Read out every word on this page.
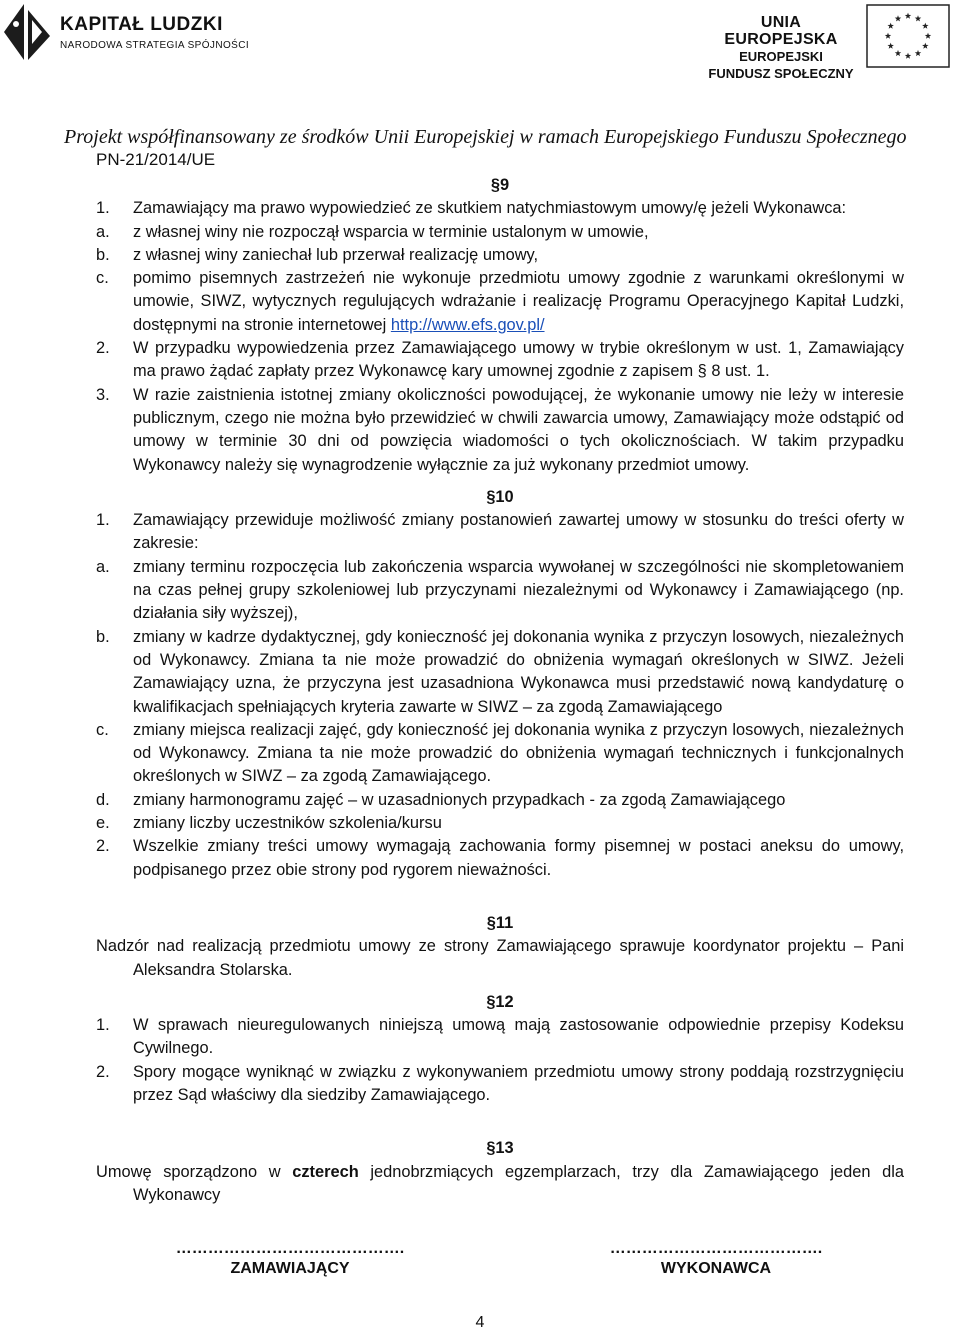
KAPITAŁ LUDZKI
NARODOWA STRATEGIA SPÓJNOŚCI
UNIA EUROPEJSKA
EUROPEJSKI
FUNDUSZ SPOŁECZNY
Projekt współfinansowany ze środków Unii Europejskiej w ramach Europejskiego Funduszu Społecznego
PN-21/2014/UE

§9

1.	Zamawiający ma prawo wypowiedzieć ze skutkiem natychmiastowym umowy/ę jeżeli Wykonawca:
a.	z własnej winy nie rozpoczął wsparcia w terminie ustalonym w umowie,
b.	z własnej winy zaniechał lub przerwał realizację umowy,
c.	pomimo pisemnych zastrzeżeń nie wykonuje przedmiotu umowy zgodnie z warunkami określonymi w umowie, SIWZ, wytycznych regulujących wdrażanie i realizację Programu Operacyjnego Kapitał Ludzki, dostępnymi na stronie internetowej http://www.efs.gov.pl/
2.	W przypadku wypowiedzenia przez Zamawiającego umowy w trybie określonym w ust. 1, Zamawiający ma prawo żądać zapłaty przez Wykonawcę kary umownej zgodnie z zapisem § 8 ust. 1.
3.	W razie zaistnienia istotnej zmiany okoliczności powodującej, że wykonanie umowy nie leży w interesie publicznym, czego nie można było przewidzieć w chwili zawarcia umowy, Zamawiający może odstąpić od umowy w terminie 30 dni od powzięcia wiadomości o tych okolicznościach. W takim przypadku Wykonawcy należy się wynagrodzenie wyłącznie za już wykonany przedmiot umowy.

§10

1.	Zamawiający przewiduje możliwość zmiany postanowień zawartej umowy w stosunku do treści oferty w zakresie:
a.	zmiany terminu rozpoczęcia lub zakończenia wsparcia wywołanej w szczególności nie skompletowaniem na czas pełnej grupy szkoleniowej lub przyczynami niezależnymi od Wykonawcy i Zamawiającego (np. działania siły wyższej),
b.	zmiany w kadrze dydaktycznej, gdy konieczność jej dokonania wynika z przyczyn losowych, niezależnych od Wykonawcy. Zmiana ta nie może prowadzić do obniżenia wymagań określonych w SIWZ. Jeżeli Zamawiający uzna, że przyczyna jest uzasadniona Wykonawca musi przedstawić nową kandydaturę o kwalifikacjach spełniających kryteria zawarte w SIWZ – za zgodą Zamawiającego
c.	zmiany miejsca realizacji zajęć, gdy konieczność jej dokonania wynika z przyczyn losowych, niezależnych od Wykonawcy. Zmiana ta nie może prowadzić do obniżenia wymagań technicznych i funkcjonalnych określonych w SIWZ – za zgodą Zamawiającego.
d.	zmiany harmonogramu zajęć – w uzasadnionych przypadkach - za zgodą Zamawiającego
e.	zmiany liczby uczestników szkolenia/kursu
2.	Wszelkie zmiany treści umowy wymagają zachowania formy pisemnej w postaci aneksu do umowy, podpisanego przez obie strony pod rygorem nieważności.

§11

Nadzór nad realizacją przedmiotu umowy ze strony Zamawiającego sprawuje koordynator projektu – Pani Aleksandra Stolarska.

§12

1.	W sprawach nieuregulowanych niniejszą umową mają zastosowanie odpowiednie przepisy Kodeksu Cywilnego.
2.	Spory mogące wyniknąć w związku z wykonywaniem przedmiotu umowy strony poddają rozstrzygnięciu przez Sąd właściwy dla siedziby Zamawiającego.

§13

Umowę sporządzono w czterech jednobrzmiących egzemplarzach, trzy dla Zamawiającego jeden dla Wykonawcy

…………………………………….
ZAMAWIAJĄCY
………………………………….
WYKONAWCA
4
